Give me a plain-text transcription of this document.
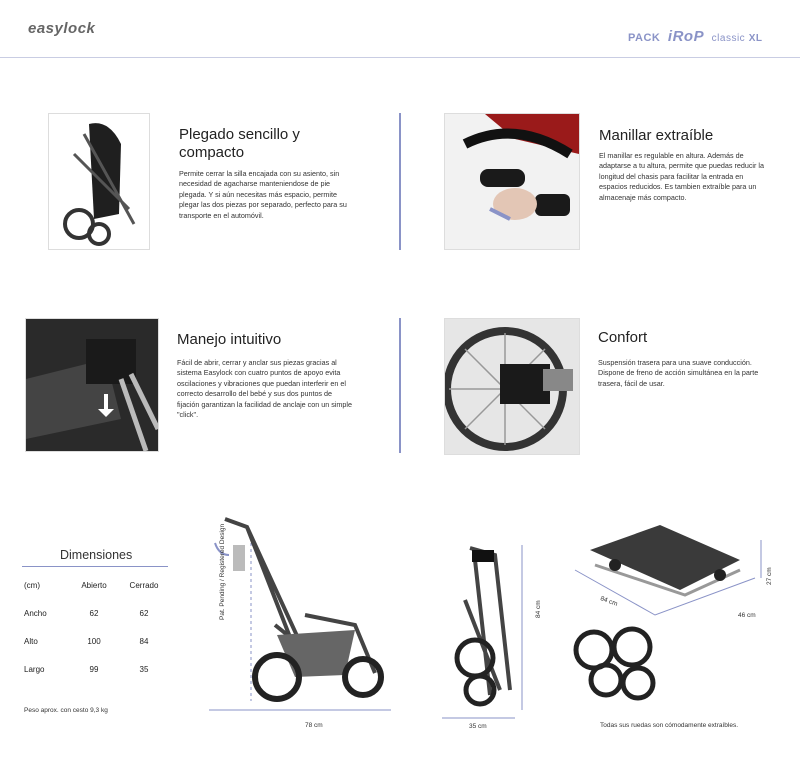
easylock
PACK iRoP classic XL
Plegado sencillo y compacto
Permite cerrar la silla encajada con su asiento, sin necesidad de agacharse manteniendose de pie plegada. Y si aún necesitas más espacio, permite plegar las dos piezas por separado, perfecto para su transporte en el automóvil.
Manillar extraíble
El manillar es regulable en altura. Además de adaptarse a tu altura, permite que puedas reducir la longitud del chasis para facilitar la entrada en espacios reducidos. Es tambien extraíble para un almacenaje más compacto.
Manejo intuitivo
Fácil de abrir, cerrar y anclar sus piezas gracias al sistema Easylock con cuatro puntos de apoyo evita oscilaciones y vibraciones que puedan interferir en el correcto desarrollo del bebé y sus dos puntos de fijación garantizan la facilidad de anclaje con un simple "click".
Confort
Suspensión trasera para una suave conducción. Dispone de freno de acción simultánea en la parte trasera, fácil de usar.
Dimensiones
(cm)	Abierto	Cerrado
Ancho	62	62
Alto	100	84
Largo	99	35
Peso aprox. con cesto 9,3 kg
Pat. Pending / Registered Design
78 cm
84 cm
35 cm
84 cm
46 cm
27 cm
Todas sus ruedas son cómodamente extraíbles.
